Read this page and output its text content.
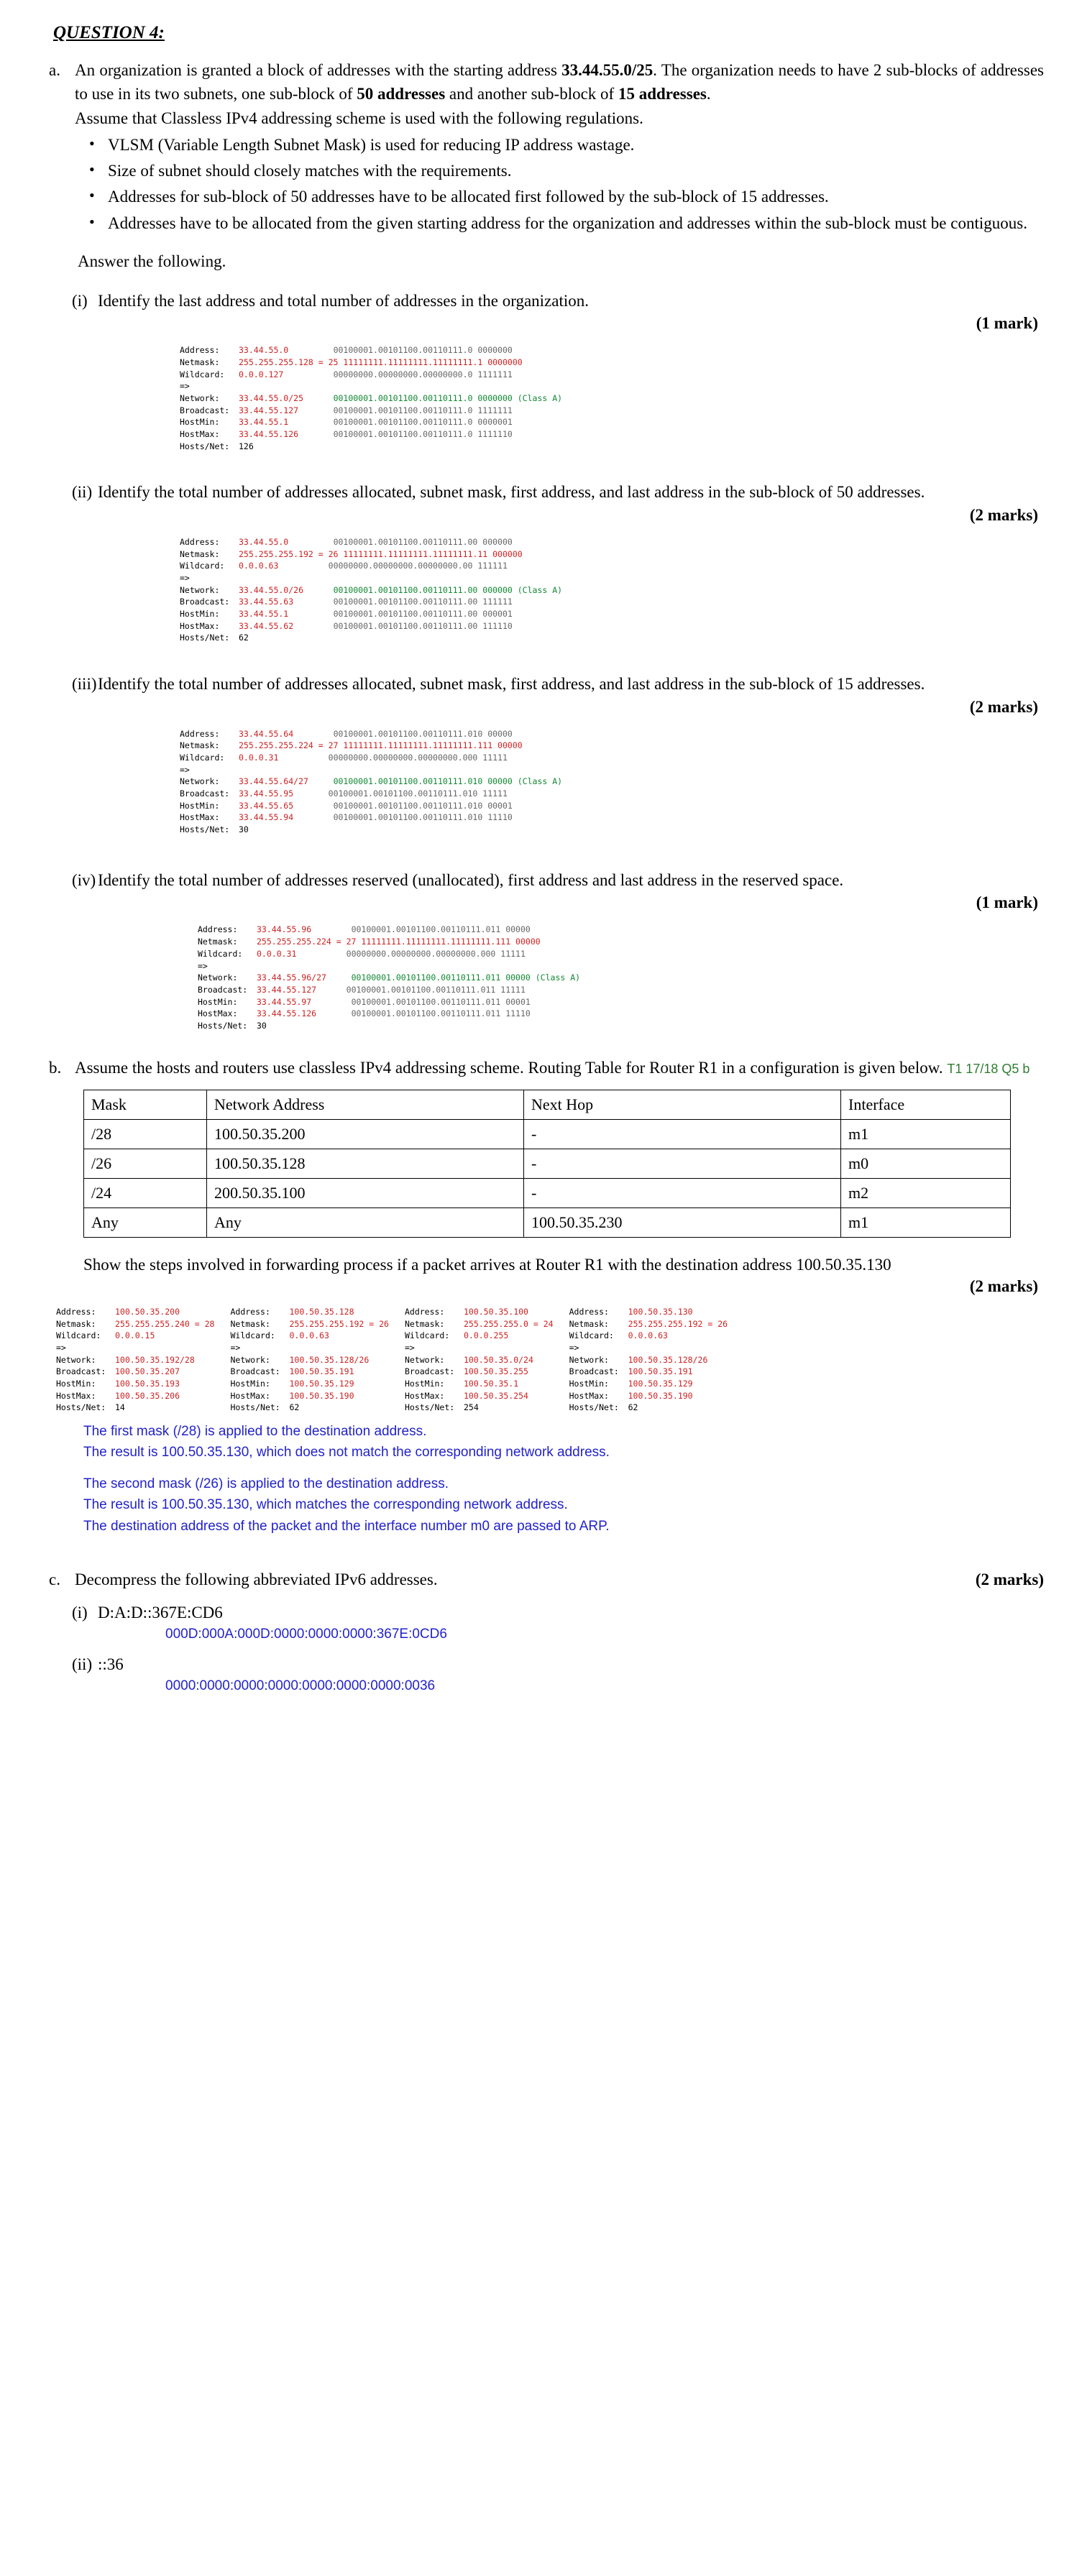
QUESTION 4:
a. An organization is granted a block of addresses with the starting address 33.44.55.0/25. The organization needs to have 2 sub-blocks of addresses to use in its two subnets, one sub-block of 50 addresses and another sub-block of 15 addresses.
Assume that Classless IPv4 addressing scheme is used with the following regulations.
• VLSM (Variable Length Subnet Mask) is used for reducing IP address wastage.
• Size of subnet should closely matches with the requirements.
• Addresses for sub-block of 50 addresses have to be allocated first followed by the sub-block of 15 addresses.
• Addresses have to be allocated from the given starting address for the organization and addresses within the sub-block must be contiguous.
Answer the following.
(i) Identify the last address and total number of addresses in the organization.
(1 mark)
Address: 33.44.55.0	00100001.00101100.00110111.0 0000000
Netmask: 255.255.255.128 = 25 11111111.11111111.11111111.1 0000000
Wildcard: 0.0.0.127	00000000.00000000.00000000.0 1111111
=>
Network: 33.44.55.0/25	00100001.00101100.00110111.0 0000000 (Class A)
Broadcast: 33.44.55.127	00100001.00101100.00110111.0 1111111
HostMin: 33.44.55.1	00100001.00101100.00110111.0 0000001
HostMax: 33.44.55.126	00100001.00101100.00110111.0 1111110
Hosts/Net: 126
(ii) Identify the total number of addresses allocated, subnet mask, first address, and last address in the sub-block of 50 addresses.
(2 marks)
Address: 33.44.55.0	00100001.00101100.00110111.00 000000
Netmask: 255.255.255.192 = 26 11111111.11111111.11111111.11 000000
Wildcard: 0.0.0.63	00000000.00000000.00000000.00 111111
=>
Network: 33.44.55.0/26	00100001.00101100.00110111.00 000000 (Class A)
Broadcast: 33.44.55.63	00100001.00101100.00110111.00 111111
HostMin: 33.44.55.1	00100001.00101100.00110111.00 000001
HostMax: 33.44.55.62	00100001.00101100.00110111.00 111110
Hosts/Net: 62
(iii) Identify the total number of addresses allocated, subnet mask, first address, and last address in the sub-block of 15 addresses.
(2 marks)
Address: 33.44.55.64	00100001.00101100.00110111.010 00000
Netmask: 255.255.255.224 = 27 11111111.11111111.11111111.111 00000
Wildcard: 0.0.0.31	00000000.00000000.00000000.000 11111
=>
Network: 33.44.55.64/27	00100001.00101100.00110111.010 00000 (Class A)
Broadcast: 33.44.55.95	00100001.00101100.00110111.010 11111
HostMin: 33.44.55.65	00100001.00101100.00110111.010 00001
HostMax: 33.44.55.94	00100001.00101100.00110111.010 11110
Hosts/Net: 30
(iv) Identify the total number of addresses reserved (unallocated), first address and last address in the reserved space.
(1 mark)
Address: 33.44.55.96	00100001.00101100.00110111.011 00000
Netmask: 255.255.255.224 = 27 11111111.11111111.11111111.111 00000
Wildcard: 0.0.0.31	00000000.00000000.00000000.000 11111
=>
Network: 33.44.55.96/27	00100001.00101100.00110111.011 00000 (Class A)
Broadcast: 33.44.55.127	00100001.00101100.00110111.011 11111
HostMin: 33.44.55.97	00100001.00101100.00110111.011 00001
HostMax: 33.44.55.126	00100001.00101100.00110111.011 11110
Hosts/Net: 30
b. Assume the hosts and routers use classless IPv4 addressing scheme. Routing Table for Router R1 in a configuration is given below. T1 17/18 Q5 b
Mask	Network Address	Next Hop	Interface
/28	100.50.35.200	-	m1
/26	100.50.35.128	-	m0
/24	200.50.35.100	-	m2
Any	Any	100.50.35.230	m1
Show the steps involved in forwarding process if a packet arrives at Router R1 with the destination address 100.50.35.130
(2 marks)
Address: 100.50.35.200
Netmask: 255.255.255.240 = 28
Wildcard: 0.0.0.15
=>
Network: 100.50.35.192/28
Broadcast: 100.50.35.207
HostMin: 100.50.35.193
HostMax: 100.50.35.206
Hosts/Net: 14
Address: 100.50.35.128
Netmask: 255.255.255.192 = 26
Wildcard: 0.0.0.63
=>
Network: 100.50.35.128/26
Broadcast: 100.50.35.191
HostMin: 100.50.35.129
HostMax: 100.50.35.190
Hosts/Net: 62
Address: 100.50.35.100
Netmask: 255.255.255.0 = 24
Wildcard: 0.0.0.255
=>
Network: 100.50.35.0/24
Broadcast: 100.50.35.255
HostMin: 100.50.35.1
HostMax: 100.50.35.254
Hosts/Net: 254
Address: 100.50.35.130
Netmask: 255.255.255.192 = 26
Wildcard: 0.0.0.63
=>
Network: 100.50.35.128/26
Broadcast: 100.50.35.191
HostMin: 100.50.35.129
HostMax: 100.50.35.190
Hosts/Net: 62
The first mask (/28) is applied to the destination address.
The result is 100.50.35.130, which does not match the corresponding network address.
The second mask (/26) is applied to the destination address.
The result is 100.50.35.130, which matches the corresponding network address.
The destination address of the packet and the interface number m0 are passed to ARP.
c. Decompress the following abbreviated IPv6 addresses.	(2 marks)
(i) D:A:D::367E:CD6
000D:000A:000D:0000:0000:0000:367E:0CD6
(ii) ::36
0000:0000:0000:0000:0000:0000:0000:0036
